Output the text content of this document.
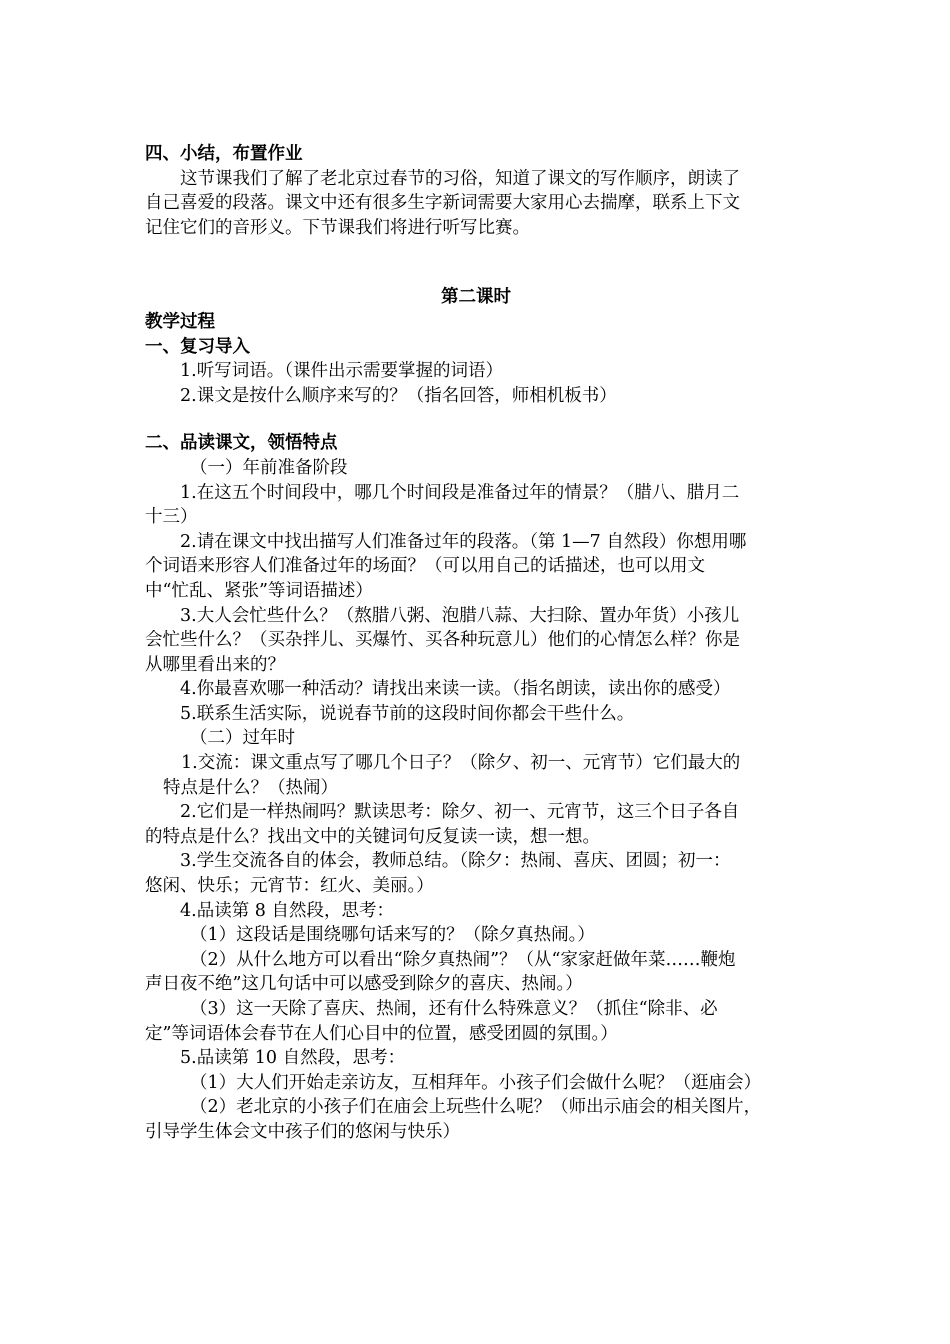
四、小结，布置作业

这节课我们了解了老北京过春节的习俗，知道了课文的写作顺序，朗读了

自己喜爱的段落。课文中还有很多生字新词需要大家用心去揣摩，联系上下文

记住它们的音形义。下节课我们将进行听写比赛。

第二课时

教学过程

一、复习导入

1.听写词语。（课件出示需要掌握的词语）

2.课文是按什么顺序来写的？（指名回答，师相机板书）

二、品读课文，领悟特点

（一）年前准备阶段

1.在这五个时间段中，哪几个时间段是准备过年的情景？（腊八、腊月二

十三）

2.请在课文中找出描写人们准备过年的段落。（第 1—7 自然段）你想用哪

个词语来形容人们准备过年的场面？（可以用自己的话描述，也可以用文

中“忙乱、紧张”等词语描述）

3.大人会忙些什么？（熬腊八粥、泡腊八蒜、大扫除、置办年货）小孩儿

会忙些什么？（买杂拌儿、买爆竹、买各种玩意儿）他们的心情怎么样？你是

从哪里看出来的？

4.你最喜欢哪一种活动？请找出来读一读。（指名朗读，读出你的感受）

5.联系生活实际，说说春节前的这段时间你都会干些什么。

（二）过年时

1.交流：课文重点写了哪几个日子？（除夕、初一、元宵节）它们最大的

特点是什么？（热闹）

2.它们是一样热闹吗？默读思考：除夕、初一、元宵节，这三个日子各自

的特点是什么？找出文中的关键词句反复读一读，想一想。

3.学生交流各自的体会，教师总结。（除夕：热闹、喜庆、团圆；初一：

悠闲、快乐；元宵节：红火、美丽。）

4.品读第 8 自然段，思考：

（1）这段话是围绕哪句话来写的？（除夕真热闹。）

（2）从什么地方可以看出“除夕真热闹”？（从“家家赶做年菜……鞭炮

声日夜不绝”这几句话中可以感受到除夕的喜庆、热闹。）

（3）这一天除了喜庆、热闹，还有什么特殊意义？（抓住“除非、必

定”等词语体会春节在人们心目中的位置，感受团圆的氛围。）

5.品读第 10 自然段，思考：

（1）大人们开始走亲访友，互相拜年。小孩子们会做什么呢？（逛庙会）

（2）老北京的小孩子们在庙会上玩些什么呢？（师出示庙会的相关图片，

引导学生体会文中孩子们的悠闲与快乐）
